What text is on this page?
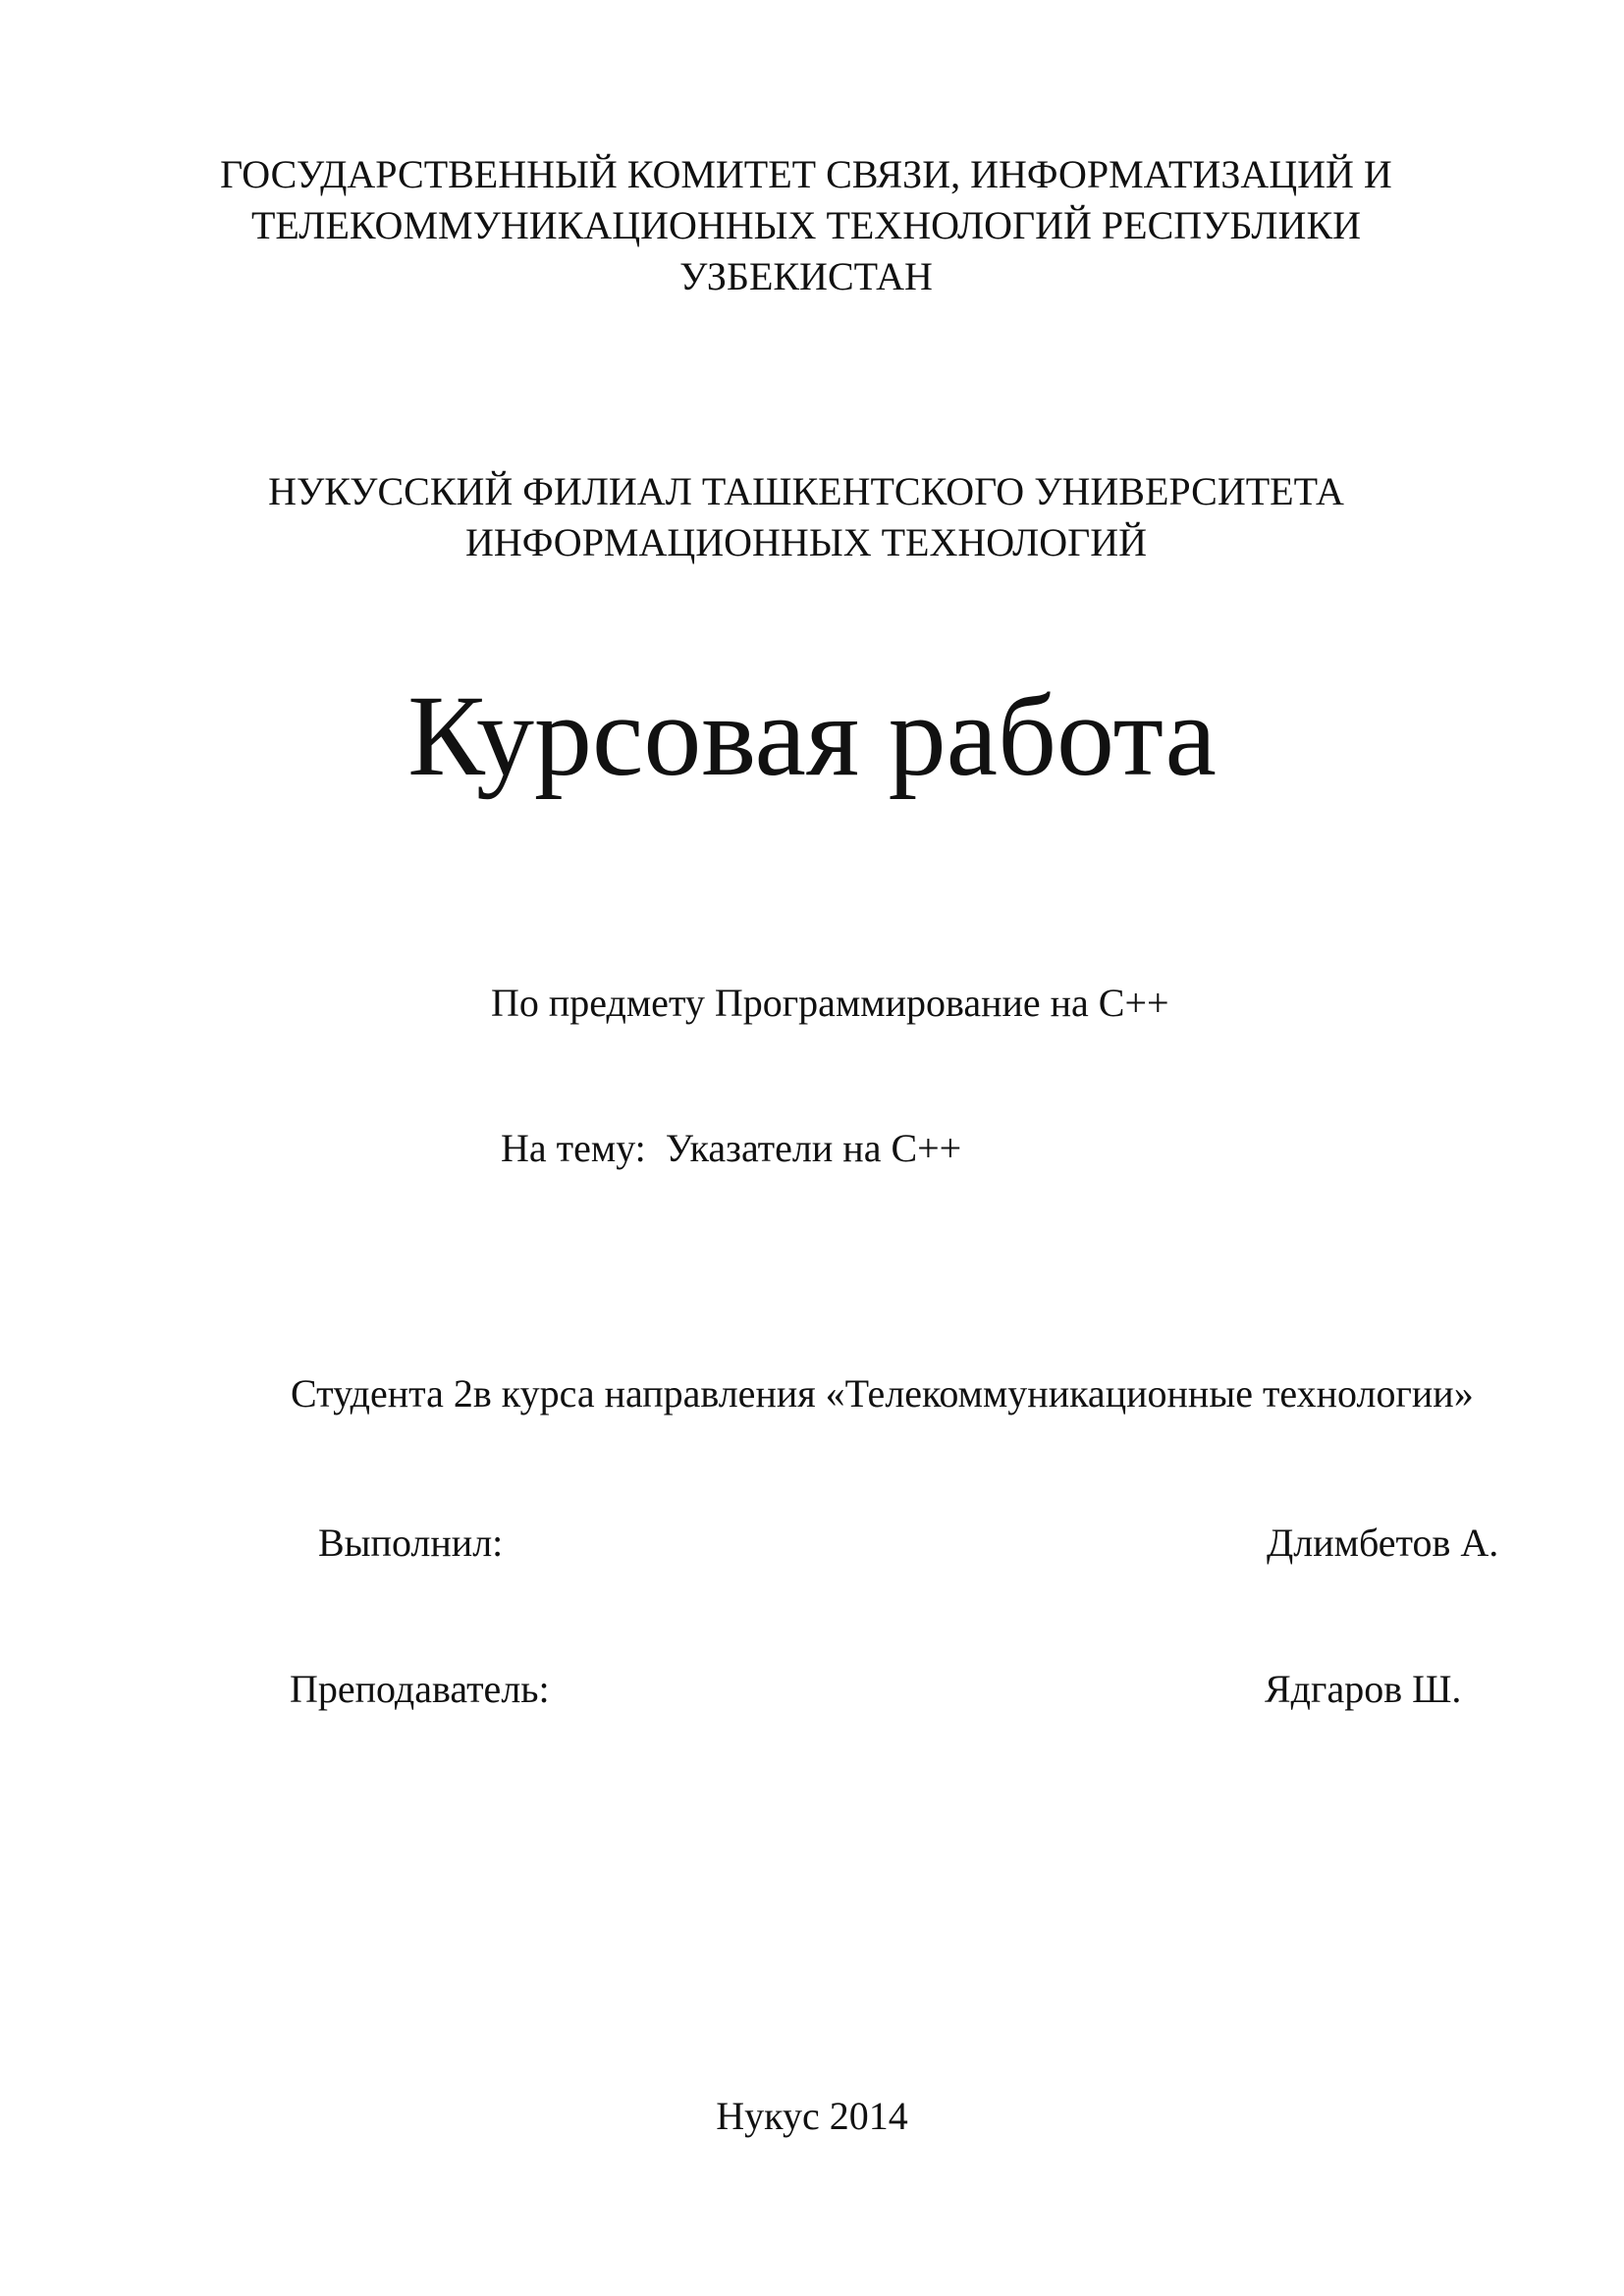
ГОСУДАРСТВЕННЫЙ КОМИТЕТ СВЯЗИ, ИНФОРМАТИЗАЦИЙ И
ТЕЛЕКОММУНИКАЦИОННЫХ ТЕХНОЛОГИЙ РЕСПУБЛИКИ
УЗБЕКИСТАН
НУКУССКИЙ ФИЛИАЛ ТАШКЕНТСКОГО УНИВЕРСИТЕТА
ИНФОРМАЦИОННЫХ ТЕХНОЛОГИЙ
Курсовая работа
По предмету Программирование на С++
На тему:  Указатели на С++
Студента 2в курса направления «Телекоммуникационные технологии»
Выполнил:	Длимбетов А.
Преподаватель:	Ядгаров Ш.
Нукус 2014
